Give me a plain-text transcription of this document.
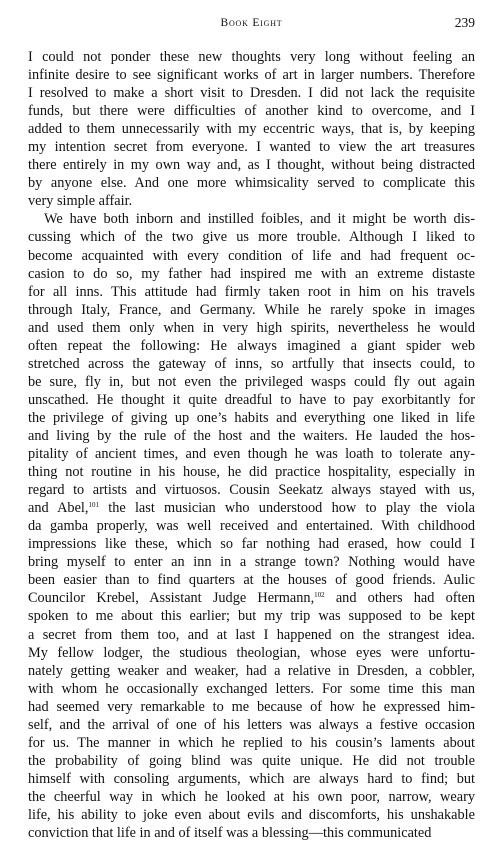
Book Eight	239
I could not ponder these new thoughts very long without feeling an
infinite desire to see significant works of art in larger numbers. Therefore
I resolved to make a short visit to Dresden. I did not lack the requisite
funds, but there were difficulties of another kind to overcome, and I
added to them unnecessarily with my eccentric ways, that is, by keeping
my intention secret from everyone. I wanted to view the art treasures
there entirely in my own way and, as I thought, without being distracted
by anyone else. And one more whimsicality served to complicate this
very simple affair.
We have both inborn and instilled foibles, and it might be worth dis-
cussing which of the two give us more trouble. Although I liked to
become acquainted with every condition of life and had frequent oc-
casion to do so, my father had inspired me with an extreme distaste
for all inns. This attitude had firmly taken root in him on his travels
through Italy, France, and Germany. While he rarely spoke in images
and used them only when in very high spirits, nevertheless he would
often repeat the following: He always imagined a giant spider web
stretched across the gateway of inns, so artfully that insects could, to
be sure, fly in, but not even the privileged wasps could fly out again
unscathed. He thought it quite dreadful to have to pay exorbitantly for
the privilege of giving up one’s habits and everything one liked in life
and living by the rule of the host and the waiters. He lauded the hos-
pitality of ancient times, and even though he was loath to tolerate any-
thing not routine in his house, he did practice hospitality, especially in
regard to artists and virtuosos. Cousin Seekatz always stayed with us,
and Abel,$^{101}$ the last musician who understood how to play the viola
da gamba properly, was well received and entertained. With childhood
impressions like these, which so far nothing had erased, how could I
bring myself to enter an inn in a strange town? Nothing would have
been easier than to find quarters at the houses of good friends. Aulic
Councilor Krebel, Assistant Judge Hermann,$^{102}$ and others had often
spoken to me about this earlier; but my trip was supposed to be kept
a secret from them too, and at last I happened on the strangest idea.
My fellow lodger, the studious theologian, whose eyes were unfortu-
nately getting weaker and weaker, had a relative in Dresden, a cobbler,
with whom he occasionally exchanged letters. For some time this man
had seemed very remarkable to me because of how he expressed him-
self, and the arrival of one of his letters was always a festive occasion
for us. The manner in which he replied to his cousin’s laments about
the probability of going blind was quite unique. He did not trouble
himself with consoling arguments, which are always hard to find; but
the cheerful way in which he looked at his own poor, narrow, weary
life, his ability to joke even about evils and discomforts, his unshakable
conviction that life in and of itself was a blessing—this communicated
